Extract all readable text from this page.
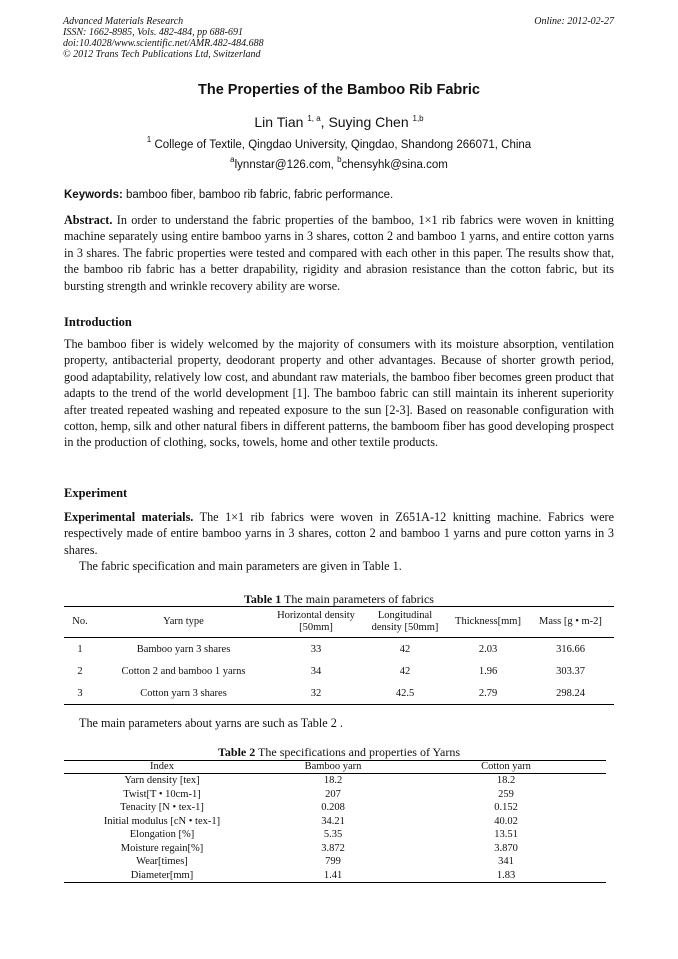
Advanced Materials Research
ISSN: 1662-8985, Vols. 482-484, pp 688-691
doi:10.4028/www.scientific.net/AMR.482-484.688
© 2012 Trans Tech Publications Ltd, Switzerland
Online: 2012-02-27
The Properties of the Bamboo Rib Fabric
Lin Tian $^{1, a}$, Suying Chen $^{1,b}$
$^1$ College of Textile, Qingdao University, Qingdao, Shandong 266071, China
$^a$lynnstar@126.com, $^b$chensyhk@sina.com
Keywords: bamboo fiber, bamboo rib fabric, fabric performance.
Abstract. In order to understand the fabric properties of the bamboo, 1×1 rib fabrics were woven in knitting machine separately using entire bamboo yarns in 3 shares, cotton 2 and bamboo 1 yarns, and entire cotton yarns in 3 shares. The fabric properties were tested and compared with each other in this paper. The results show that, the bamboo rib fabric has a better drapability, rigidity and abrasion resistance than the cotton fabric, but its bursting strength and wrinkle recovery ability are worse.
Introduction
The bamboo fiber is widely welcomed by the majority of consumers with its moisture absorption, ventilation property, antibacterial property, deodorant property and other advantages. Because of shorter growth period, good adaptability, relatively low cost, and abundant raw materials, the bamboo fiber becomes green product that adapts to the trend of the world development [1]. The bamboo fabric can still maintain its inherent superiority after treated repeated washing and repeated exposure to the sun [2-3]. Based on reasonable configuration with cotton, hemp, silk and other natural fibers in different patterns, the bamboom fiber has good developing prospect in the production of clothing, socks, towels, home and other textile products.
Experiment
Experimental materials. The 1×1 rib fabrics were woven in Z651A-12 knitting machine. Fabrics were respectively made of entire bamboo yarns in 3 shares, cotton 2 and bamboo 1 yarns and pure cotton yarns in 3 shares.
The fabric specification and main parameters are given in Table 1.
Table 1 The main parameters of fabrics
No.	Yarn type	Horizontal density [50mm]	Longitudinal density [50mm]	Thickness[mm]	Mass [g • m-2]
1	Bamboo yarn 3 shares	33	42	2.03	316.66
2	Cotton 2 and bamboo 1 yarns	34	42	1.96	303.37
3	Cotton yarn 3 shares	32	42.5	2.79	298.24
The main parameters about yarns are such as Table 2 .
Table 2 The specifications and properties of Yarns
Index	Bamboo yarn	Cotton yarn
Yarn density [tex]	18.2	18.2
Twist[T • 10cm-1]	207	259
Tenacity [N • tex-1]	0.208	0.152
Initial modulus [cN • tex-1]	34.21	40.02
Elongation [%]	5.35	13.51
Moisture regain[%]	3.872	3.870
Wear[times]	799	341
Diameter[mm]	1.41	1.83
